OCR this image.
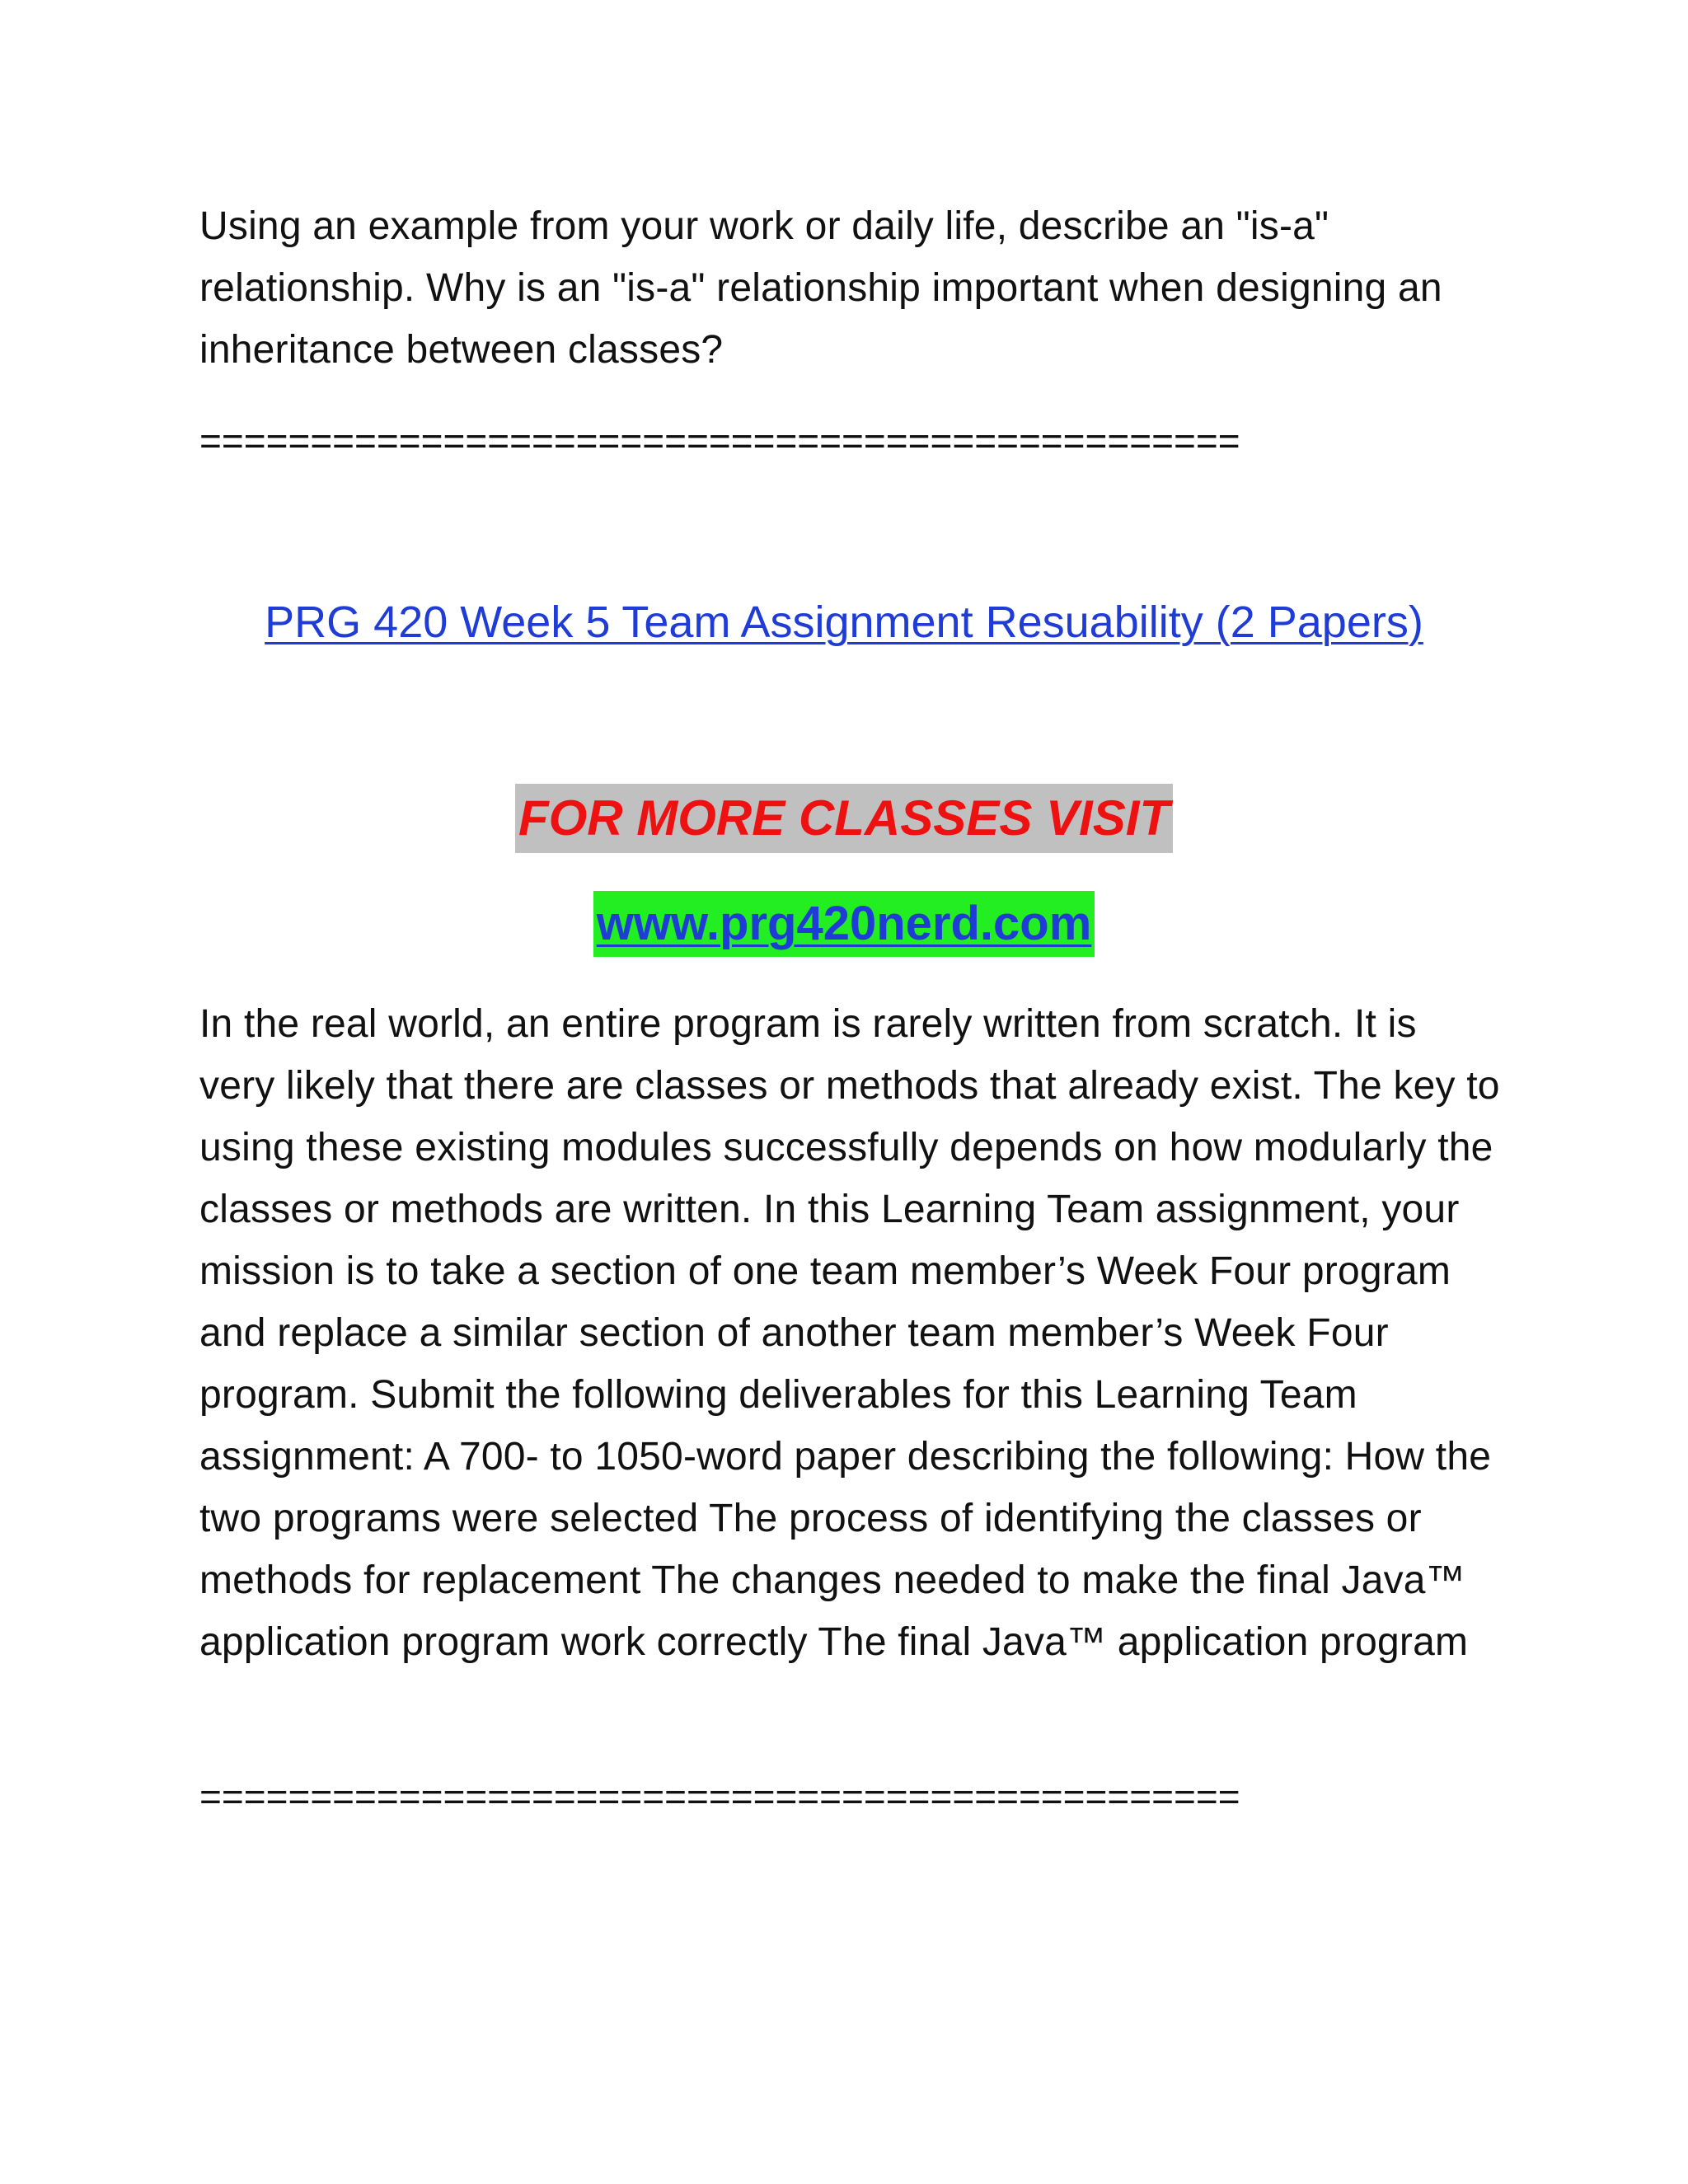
Using an example from your work or daily life, describe an "is-a" relationship. Why is an "is-a" relationship important when designing an inheritance between classes?

===============================================
PRG 420 Week 5 Team Assignment Resuability (2 Papers)
FOR MORE CLASSES VISIT
www.prg420nerd.com

In the real world, an entire program is rarely written from scratch. It is very likely that there are classes or methods that already exist. The key to using these existing modules successfully depends on how modularly the classes or methods are written. In this Learning Team assignment, your mission is to take a section of one team member’s Week Four program and replace a similar section of another team member’s Week Four program. Submit the following deliverables for this Learning Team assignment: A 700- to 1050-word paper describing the following: How the two programs were selected The process of identifying the classes or methods for replacement The changes needed to make the final Java™ application program work correctly The final Java™ application program

===============================================
